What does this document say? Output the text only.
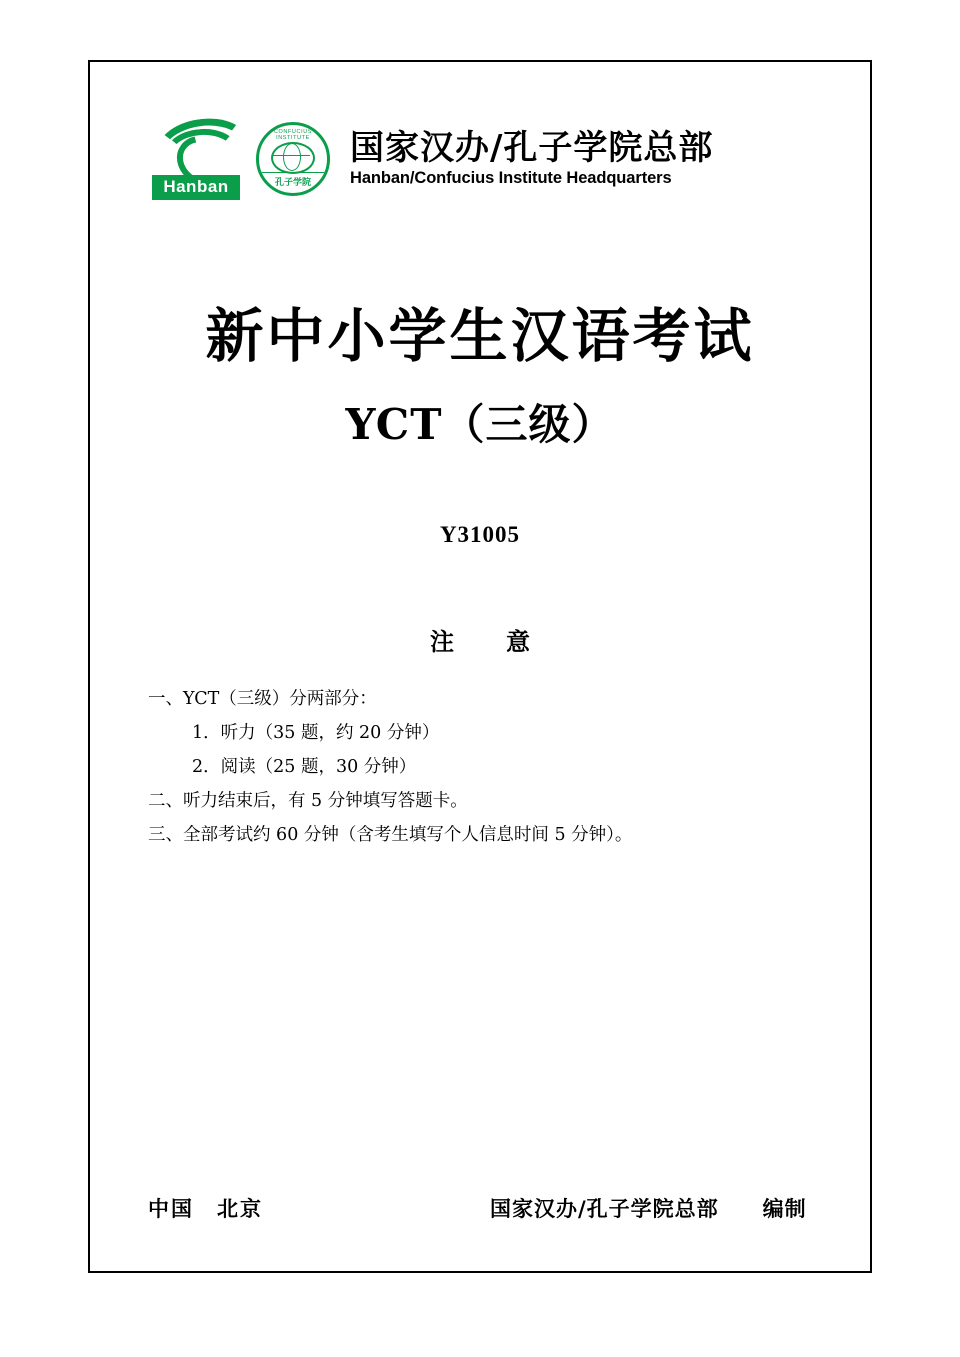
Hanban
CONFUCIUS INSTITUTE
孔子学院
国家汉办/孔子学院总部
Hanban/Confucius Institute Headquarters
新中小学生汉语考试
YCT（三级）
Y31005
注　意
一、YCT（三级）分两部分：
1．听力（35 题，约 20 分钟）
2．阅读（25 题，30 分钟）
二、听力结束后，有 5 分钟填写答题卡。
三、全部考试约 60 分钟（含考生填写个人信息时间 5 分钟）。
中国　北京	国家汉办/孔子学院总部　　编制
